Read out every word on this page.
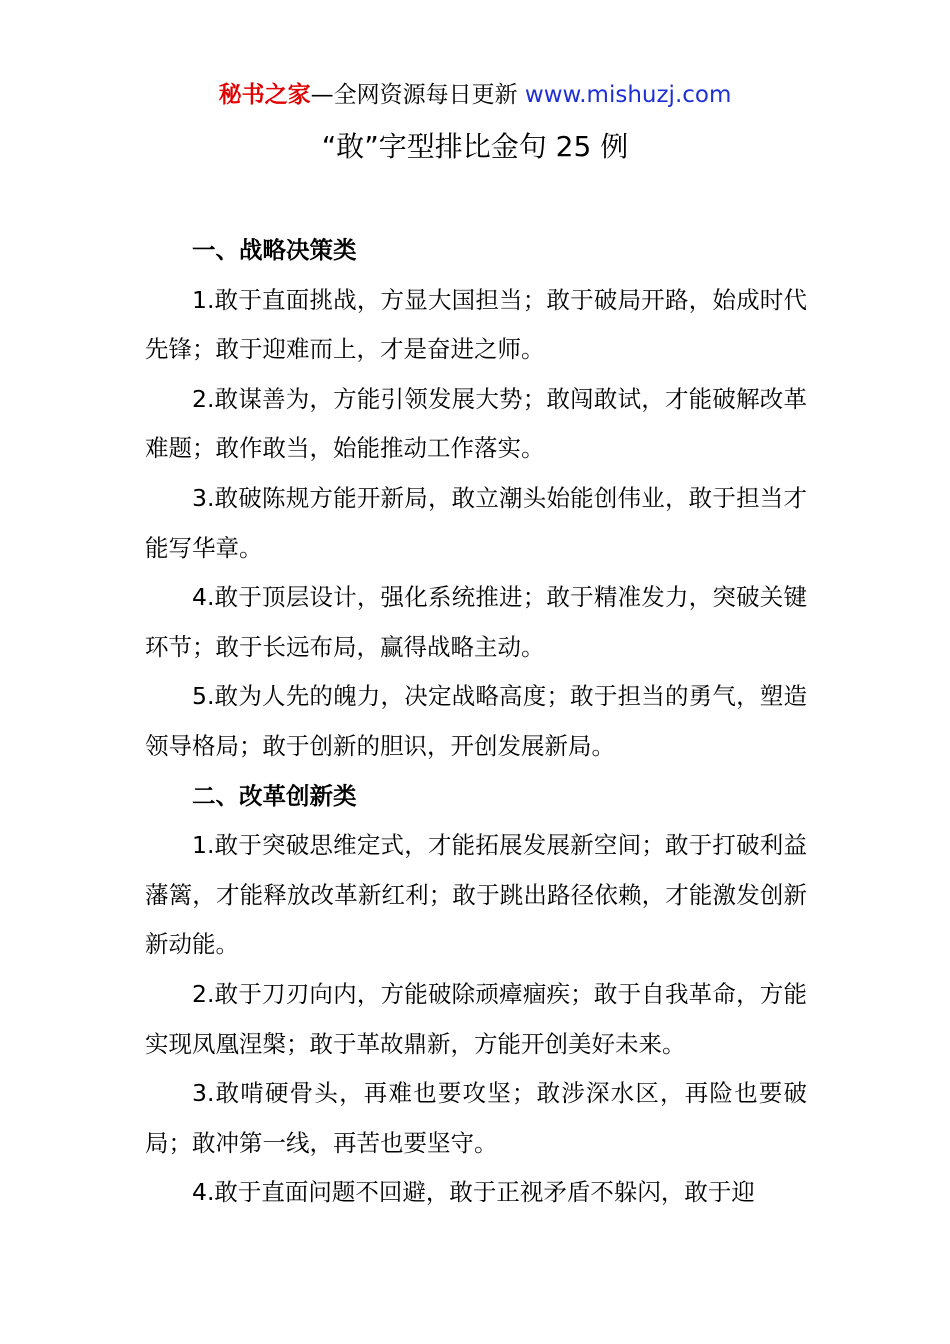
秘书之家—全网资源每日更新 www.mishuzj.com
“敢”字型排比金句 25 例
一、战略决策类

1.敢于直面挑战，方显大国担当；敢于破局开路，始成时代先锋；敢于迎难而上，才是奋进之师。

2.敢谋善为，方能引领发展大势；敢闯敢试，才能破解改革难题；敢作敢当，始能推动工作落实。

3.敢破陈规方能开新局，敢立潮头始能创伟业，敢于担当才能写华章。

4.敢于顶层设计，强化系统推进；敢于精准发力，突破关键环节；敢于长远布局，赢得战略主动。

5.敢为人先的魄力，决定战略高度；敢于担当的勇气，塑造领导格局；敢于创新的胆识，开创发展新局。

二、改革创新类

1.敢于突破思维定式，才能拓展发展新空间；敢于打破利益藩篱，才能释放改革新红利；敢于跳出路径依赖，才能激发创新新动能。

2.敢于刀刃向内，方能破除顽瘴痼疾；敢于自我革命，方能实现凤凰涅槃；敢于革故鼎新，方能开创美好未来。

3.敢啃硬骨头，再难也要攻坚；敢涉深水区，再险也要破局；敢冲第一线，再苦也要坚守。

4.敢于直面问题不回避，敢于正视矛盾不躲闪，敢于迎
